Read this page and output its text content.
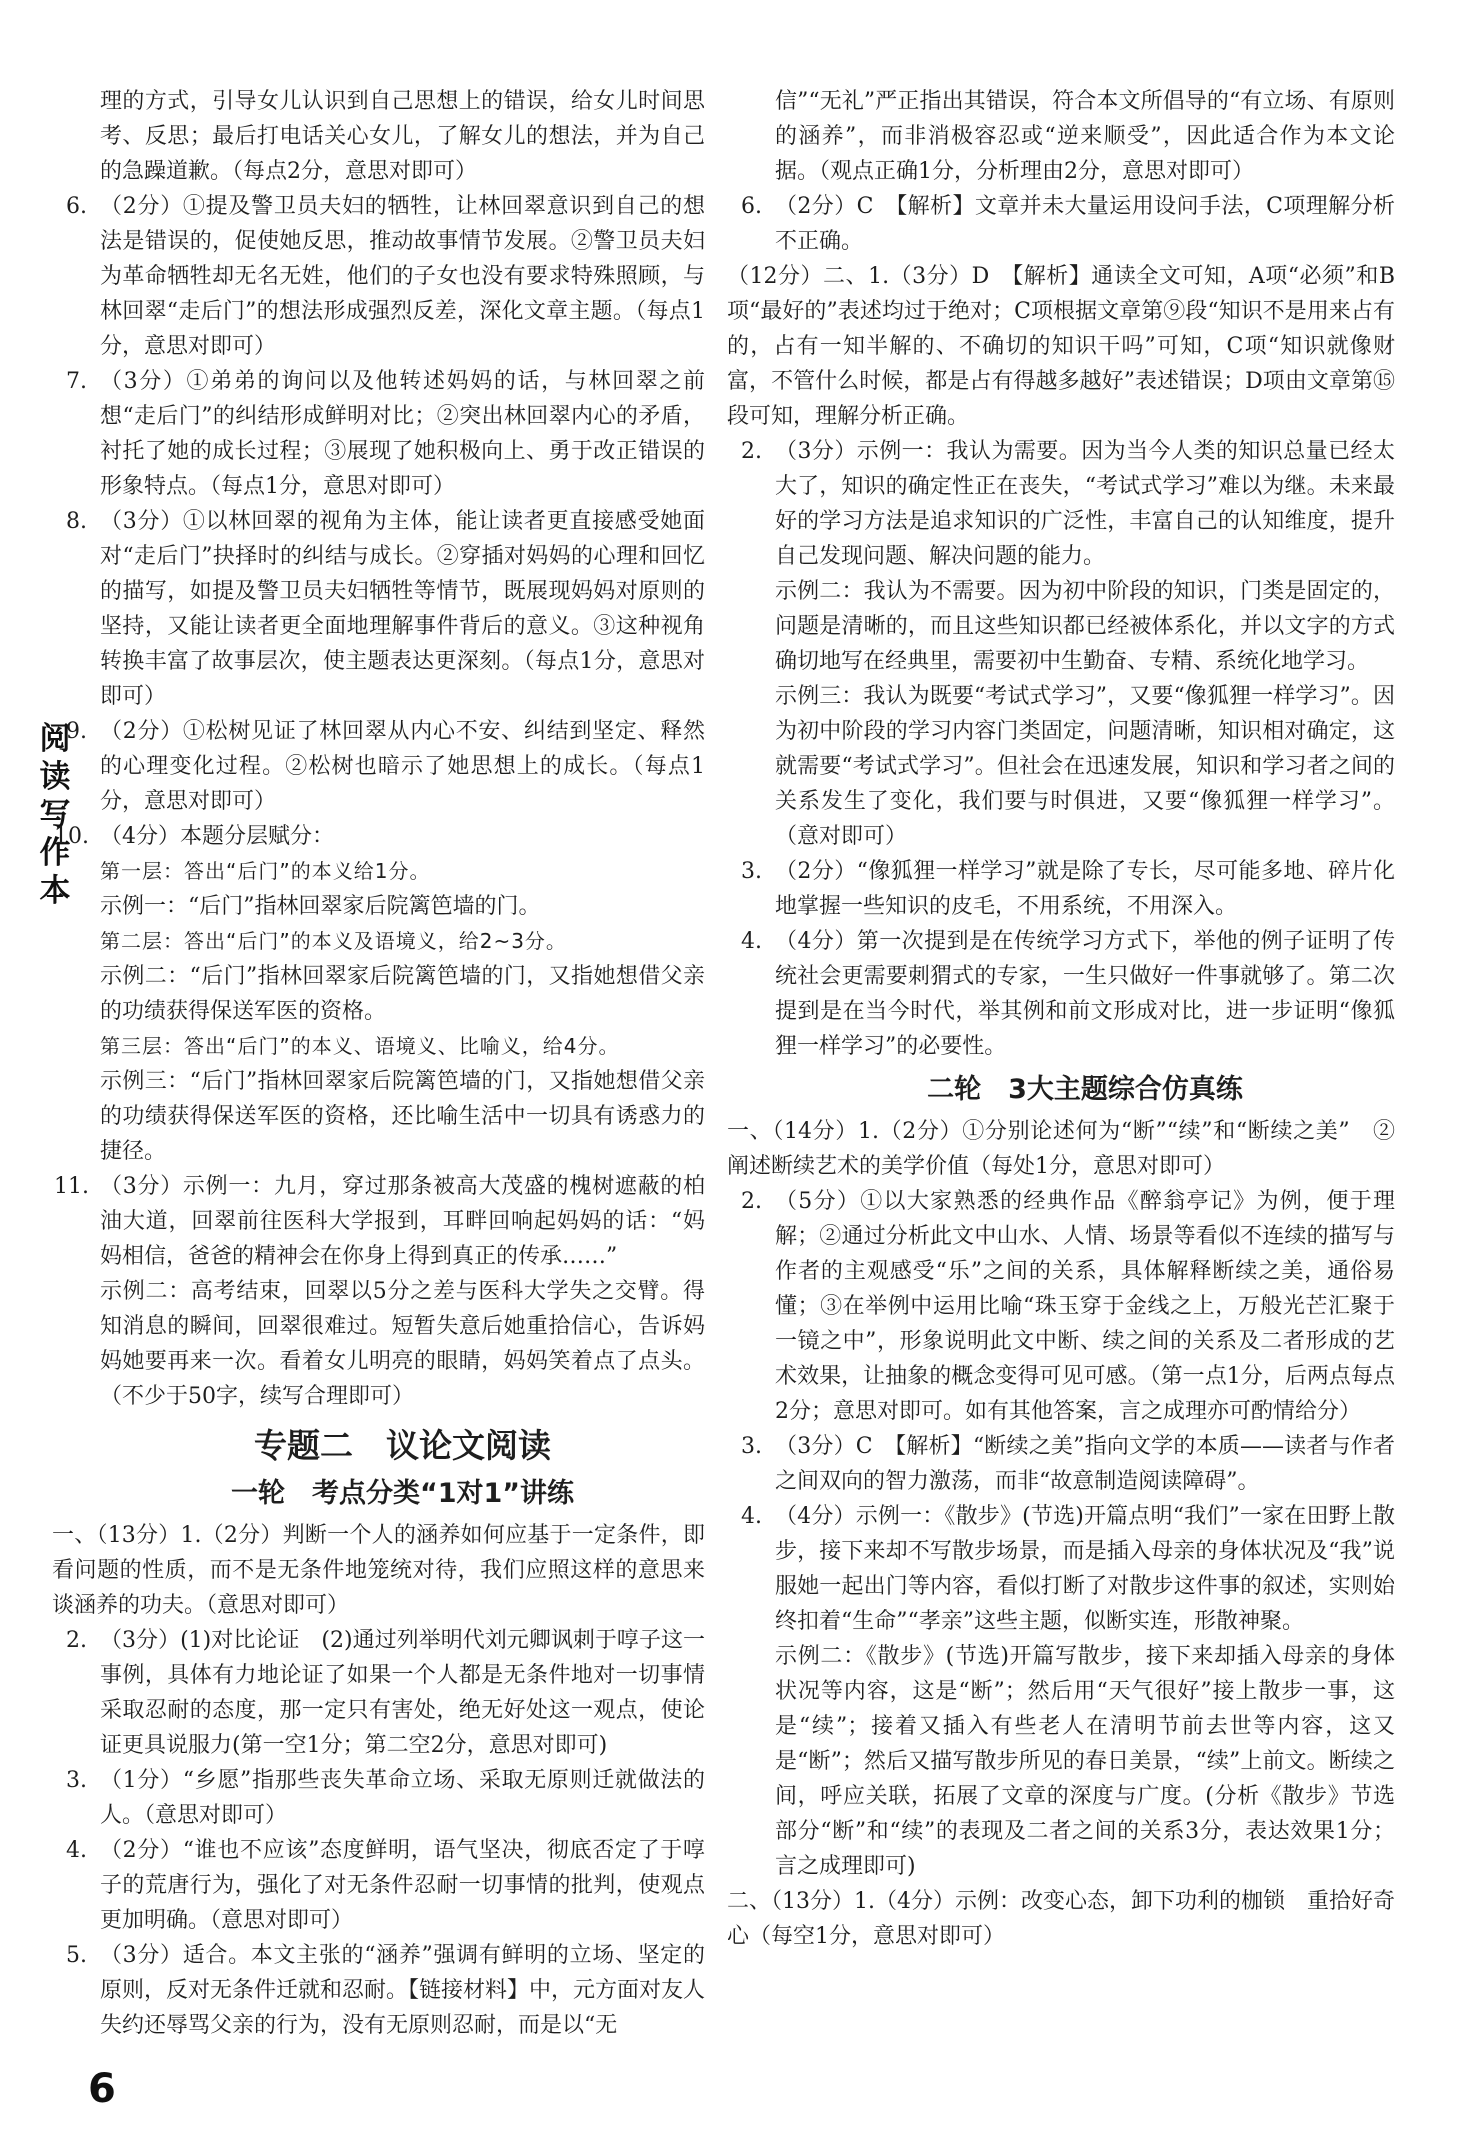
阅读写作本

理的方式，引导女儿认识到自己思想上的错误，给女儿时间思考、反思；最后打电话关心女儿，了解女儿的想法，并为自己的急躁道歉。（每点2分，意思对即可）

6. （2分）①提及警卫员夫妇的牺牲，让林回翠意识到自己的想法是错误的，促使她反思，推动故事情节发展。②警卫员夫妇为革命牺牲却无名无姓，他们的子女也没有要求特殊照顾，与林回翠“走后门”的想法形成强烈反差，深化文章主题。（每点1分，意思对即可）

7. （3分）①弟弟的询问以及他转述妈妈的话，与林回翠之前想“走后门”的纠结形成鲜明对比；②突出林回翠内心的矛盾，衬托了她的成长过程；③展现了她积极向上、勇于改正错误的形象特点。（每点1分，意思对即可）

8. （3分）①以林回翠的视角为主体，能让读者更直接感受她面对“走后门”抉择时的纠结与成长。②穿插对妈妈的心理和回忆的描写，如提及警卫员夫妇牺牲等情节，既展现妈妈对原则的坚持，又能让读者更全面地理解事件背后的意义。③这种视角转换丰富了故事层次，使主题表达更深刻。（每点1分，意思对即可）

9. （2分）①松树见证了林回翠从内心不安、纠结到坚定、释然的心理变化过程。②松树也暗示了她思想上的成长。（每点1分，意思对即可）

10. （4分）本题分层赋分：

第一层：答出“后门”的本义给1分。

示例一：“后门”指林回翠家后院篱笆墙的门。

第二层：答出“后门”的本义及语境义，给2~3分。

示例二：“后门”指林回翠家后院篱笆墙的门，又指她想借父亲的功绩获得保送军医的资格。

第三层：答出“后门”的本义、语境义、比喻义，给4分。

示例三：“后门”指林回翠家后院篱笆墙的门，又指她想借父亲的功绩获得保送军医的资格，还比喻生活中一切具有诱惑力的捷径。

11. （3分）示例一：九月，穿过那条被高大茂盛的槐树遮蔽的柏油大道，回翠前往医科大学报到，耳畔回响起妈妈的话：“妈妈相信，爸爸的精神会在你身上得到真正的传承……”

示例二：高考结束，回翠以5分之差与医科大学失之交臂。得知消息的瞬间，回翠很难过。短暂失意后她重拾信心，告诉妈妈她要再来一次。看着女儿明亮的眼睛，妈妈笑着点了点头。（不少于50字，续写合理即可）

专题二　议论文阅读
一轮　考点分类“1对1”讲练

一、（13分）1.（2分）判断一个人的涵养如何应基于一定条件，即看问题的性质，而不是无条件地笼统对待，我们应照这样的意思来谈涵养的功夫。（意思对即可）

2. （3分）(1)对比论证　(2)通过列举明代刘元卿讽刺于啍子这一事例，具体有力地论证了如果一个人都是无条件地对一切事情采取忍耐的态度，那一定只有害处，绝无好处这一观点，使论证更具说服力(第一空1分；第二空2分，意思对即可)

3. （1分）“乡愿”指那些丧失革命立场、采取无原则迁就做法的人。（意思对即可）

4. （2分）“谁也不应该”态度鲜明，语气坚决，彻底否定了于啍子的荒唐行为，强化了对无条件忍耐一切事情的批判，使观点更加明确。（意思对即可）

5. （3分）适合。本文主张的“涵养”强调有鲜明的立场、坚定的原则，反对无条件迁就和忍耐。【链接材料】中，元方面对友人失约还辱骂父亲的行为，没有无原则忍耐，而是以“无

信”“无礼”严正指出其错误，符合本文所倡导的“有立场、有原则的涵养”，而非消极容忍或“逆来顺受”，因此适合作为本文论据。（观点正确1分，分析理由2分，意思对即可）

6. （2分）C　【解析】文章并未大量运用设问手法，C项理解分析不正确。

（12分）二、1.（3分）D　【解析】通读全文可知，A项“必须”和B项“最好的”表述均过于绝对；C项根据文章第⑨段“知识不是用来占有的，占有一知半解的、不确切的知识干吗”可知，C项“知识就像财富，不管什么时候，都是占有得越多越好”表述错误；D项由文章第⑮段可知，理解分析正确。

2. （3分）示例一：我认为需要。因为当今人类的知识总量已经太大了，知识的确定性正在丧失，“考试式学习”难以为继。未来最好的学习方法是追求知识的广泛性，丰富自己的认知维度，提升自己发现问题、解决问题的能力。

示例二：我认为不需要。因为初中阶段的知识，门类是固定的，问题是清晰的，而且这些知识都已经被体系化，并以文字的方式确切地写在经典里，需要初中生勤奋、专精、系统化地学习。

示例三：我认为既要“考试式学习”，又要“像狐狸一样学习”。因为初中阶段的学习内容门类固定，问题清晰，知识相对确定，这就需要“考试式学习”。但社会在迅速发展，知识和学习者之间的关系发生了变化，我们要与时俱进，又要“像狐狸一样学习”。（意对即可）

3. （2分）“像狐狸一样学习”就是除了专长，尽可能多地、碎片化地掌握一些知识的皮毛，不用系统，不用深入。

4. （4分）第一次提到是在传统学习方式下，举他的例子证明了传统社会更需要刺猬式的专家，一生只做好一件事就够了。第二次提到是在当今时代，举其例和前文形成对比，进一步证明“像狐狸一样学习”的必要性。

二轮　3大主题综合仿真练

一、（14分）1.（2分）①分别论述何为“断”“续”和“断续之美”　②阐述断续艺术的美学价值（每处1分，意思对即可）

2. （5分）①以大家熟悉的经典作品《醉翁亭记》为例，便于理解；②通过分析此文中山水、人情、场景等看似不连续的描写与作者的主观感受“乐”之间的关系，具体解释断续之美，通俗易懂；③在举例中运用比喻“珠玉穿于金线之上，万般光芒汇聚于一镜之中”，形象说明此文中断、续之间的关系及二者形成的艺术效果，让抽象的概念变得可见可感。（第一点1分，后两点每点2分；意思对即可。如有其他答案，言之成理亦可酌情给分）

3. （3分）C　【解析】“断续之美”指向文学的本质——读者与作者之间双向的智力激荡，而非“故意制造阅读障碍”。

4. （4分）示例一：《散步》(节选)开篇点明“我们”一家在田野上散步，接下来却不写散步场景，而是插入母亲的身体状况及“我”说服她一起出门等内容，看似打断了对散步这件事的叙述，实则始终扣着“生命”“孝亲”这些主题，似断实连，形散神聚。

示例二：《散步》(节选)开篇写散步，接下来却插入母亲的身体状况等内容，这是“断”；然后用“天气很好”接上散步一事，这是“续”；接着又插入有些老人在清明节前去世等内容，这又是“断”；然后又描写散步所见的春日美景，“续”上前文。断续之间，呼应关联，拓展了文章的深度与广度。(分析《散步》节选部分“断”和“续”的表现及二者之间的关系3分，表达效果1分；言之成理即可)

二、（13分）1.（4分）示例：改变心态，卸下功利的枷锁　重拾好奇心（每空1分，意思对即可）

6
